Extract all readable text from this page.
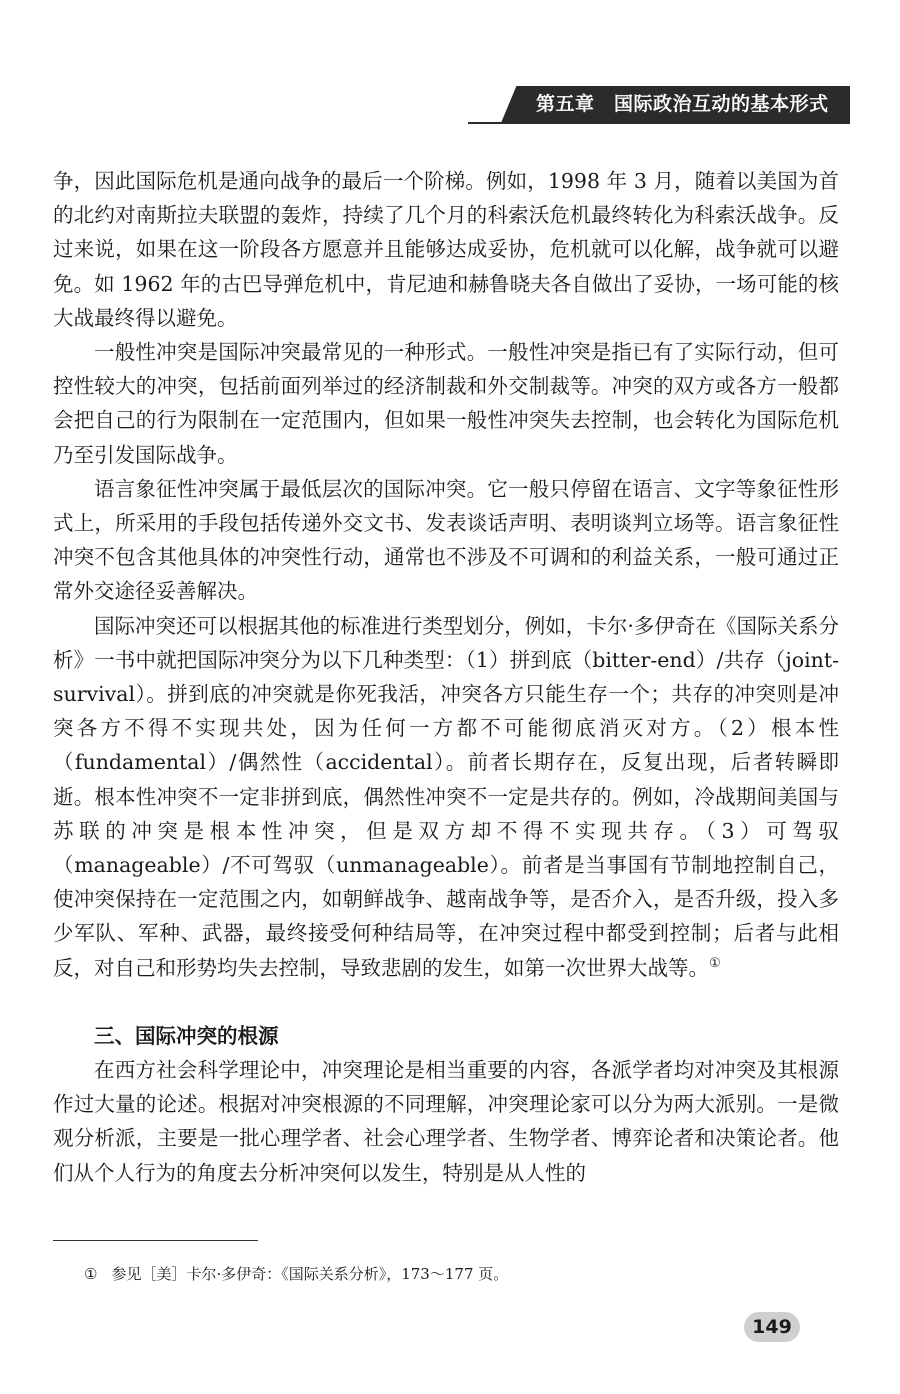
第五章　国际政治互动的基本形式

争，因此国际危机是通向战争的最后一个阶梯。例如，1998 年 3 月，随着以美国为首的北约对南斯拉夫联盟的轰炸，持续了几个月的科索沃危机最终转化为科索沃战争。反过来说，如果在这一阶段各方愿意并且能够达成妥协，危机就可以化解，战争就可以避免。如 1962 年的古巴导弹危机中，肯尼迪和赫鲁晓夫各自做出了妥协，一场可能的核大战最终得以避免。

一般性冲突是国际冲突最常见的一种形式。一般性冲突是指已有了实际行动，但可控性较大的冲突，包括前面列举过的经济制裁和外交制裁等。冲突的双方或各方一般都会把自己的行为限制在一定范围内，但如果一般性冲突失去控制，也会转化为国际危机乃至引发国际战争。

语言象征性冲突属于最低层次的国际冲突。它一般只停留在语言、文字等象征性形式上，所采用的手段包括传递外交文书、发表谈话声明、表明谈判立场等。语言象征性冲突不包含其他具体的冲突性行动，通常也不涉及不可调和的利益关系，一般可通过正常外交途径妥善解决。

国际冲突还可以根据其他的标准进行类型划分，例如，卡尔·多伊奇在《国际关系分析》一书中就把国际冲突分为以下几种类型：（1）拼到底（bitter-end）/共存（joint-survival）。拼到底的冲突就是你死我活，冲突各方只能生存一个；共存的冲突则是冲突各方不得不实现共处，因为任何一方都不可能彻底消灭对方。（2）根本性（fundamental）/偶然性（accidental）。前者长期存在，反复出现，后者转瞬即逝。根本性冲突不一定非拼到底，偶然性冲突不一定是共存的。例如，冷战期间美国与苏联的冲突是根本性冲突，但是双方却不得不实现共存。（3）可驾驭（manageable）/不可驾驭（unmanageable）。前者是当事国有节制地控制自己，使冲突保持在一定范围之内，如朝鲜战争、越南战争等，是否介入，是否升级，投入多少军队、军种、武器，最终接受何种结局等，在冲突过程中都受到控制；后者与此相反，对自己和形势均失去控制，导致悲剧的发生，如第一次世界大战等。①

三、国际冲突的根源

在西方社会科学理论中，冲突理论是相当重要的内容，各派学者均对冲突及其根源作过大量的论述。根据对冲突根源的不同理解，冲突理论家可以分为两大派别。一是微观分析派，主要是一批心理学者、社会心理学者、生物学者、博弈论者和决策论者。他们从个人行为的角度去分析冲突何以发生，特别是从人性的

① 参见［美］卡尔·多伊奇：《国际关系分析》，173～177 页。
149
